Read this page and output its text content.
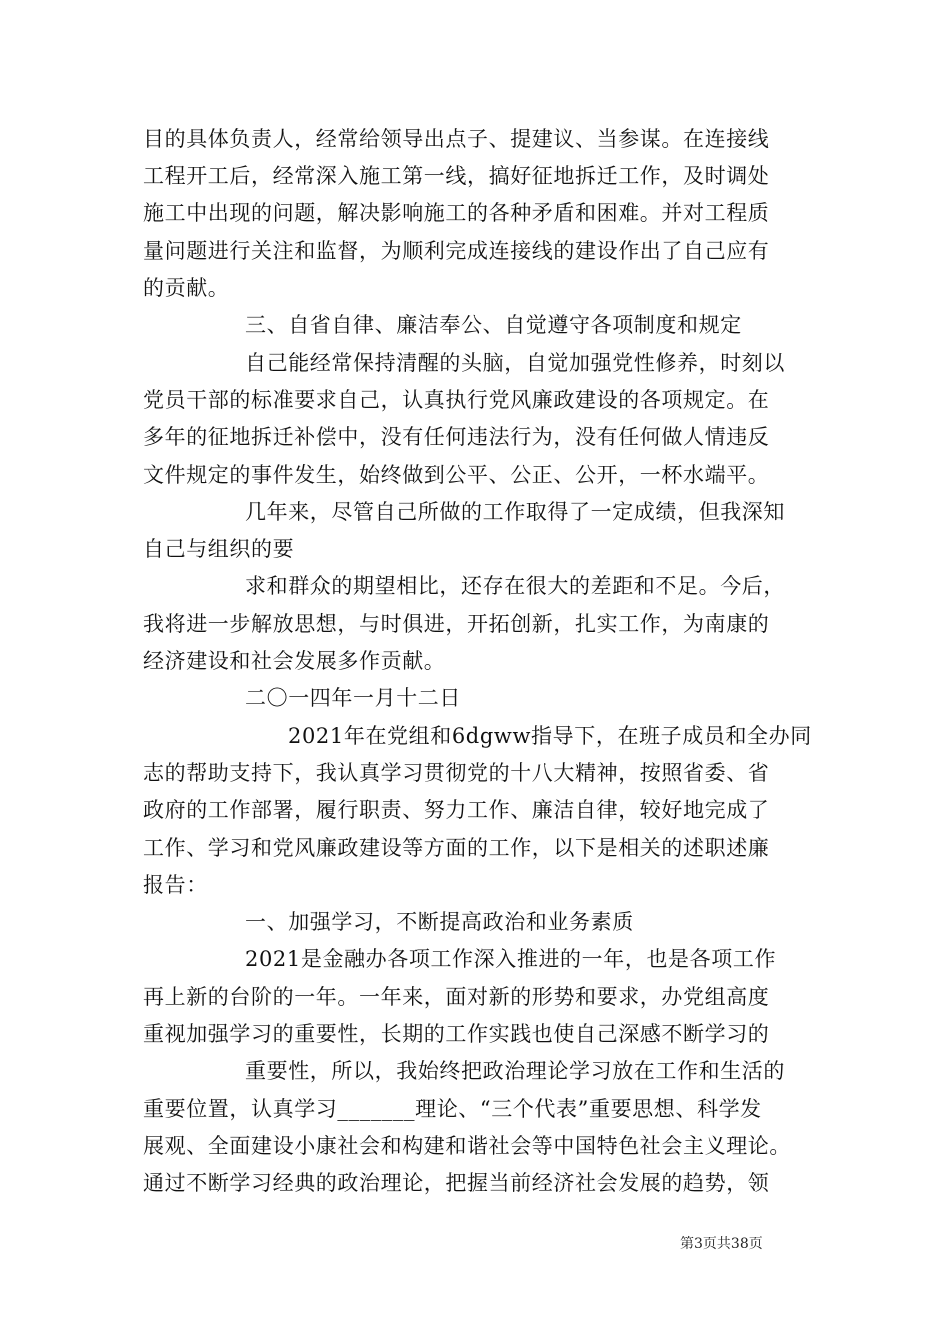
目的具体负责人，经常给领导出点子、提建议、当参谋。在连接线
工程开工后，经常深入施工第一线，搞好征地拆迁工作，及时调处
施工中出现的问题，解决影响施工的各种矛盾和困难。并对工程质
量问题进行关注和监督，为顺利完成连接线的建设作出了自己应有
的贡献。
三、自省自律、廉洁奉公、自觉遵守各项制度和规定
自己能经常保持清醒的头脑，自觉加强党性修养，时刻以
党员干部的标准要求自己，认真执行党风廉政建设的各项规定。在
多年的征地拆迁补偿中，没有任何违法行为，没有任何做人情违反
文件规定的事件发生，始终做到公平、公正、公开，一杯水端平。
几年来，尽管自己所做的工作取得了一定成绩，但我深知
自己与组织的要
求和群众的期望相比，还存在很大的差距和不足。今后，
我将进一步解放思想，与时俱进，开拓创新，扎实工作，为南康的
经济建设和社会发展多作贡献。
二〇一四年一月十二日
2021年在党组和6dgww指导下，在班子成员和全办同
志的帮助支持下，我认真学习贯彻党的十八大精神，按照省委、省
政府的工作部署，履行职责、努力工作、廉洁自律，较好地完成了
工作、学习和党风廉政建设等方面的工作，以下是相关的述职述廉
报告：
一、加强学习，不断提高政治和业务素质
2021是金融办各项工作深入推进的一年，也是各项工作
再上新的台阶的一年。一年来，面对新的形势和要求，办党组高度
重视加强学习的重要性，长期的工作实践也使自己深感不断学习的
重要性，所以，我始终把政治理论学习放在工作和生活的
重要位置，认真学习_______理论、“三个代表”重要思想、科学发
展观、全面建设小康社会和构建和谐社会等中国特色社会主义理论。
通过不断学习经典的政治理论，把握当前经济社会发展的趋势，领
第3页共38页
